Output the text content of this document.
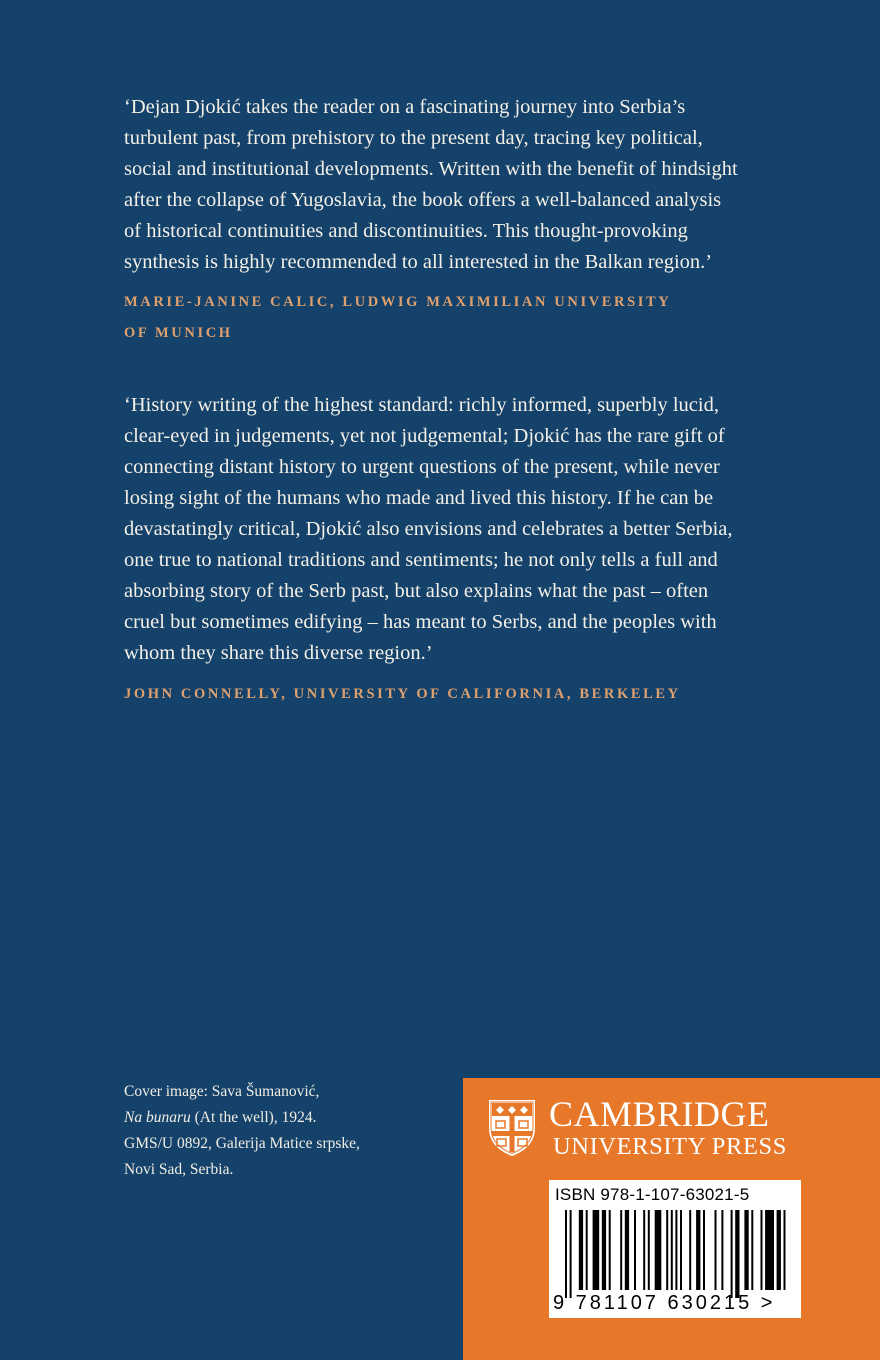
‘Dejan Djokić takes the reader on a fascinating journey into Serbia’s
turbulent past, from prehistory to the present day, tracing key political,
social and institutional developments. Written with the benefit of hindsight
after the collapse of Yugoslavia, the book offers a well-balanced analysis
of historical continuities and discontinuities. This thought-provoking
synthesis is highly recommended to all interested in the Balkan region.’
MARIE-JANINE CALIC, LUDWIG MAXIMILIAN UNIVERSITY
OF MUNICH
‘History writing of the highest standard: richly informed, superbly lucid,
clear-eyed in judgements, yet not judgemental; Djokić has the rare gift of
connecting distant history to urgent questions of the present, while never
losing sight of the humans who made and lived this history. If he can be
devastatingly critical, Djokić also envisions and celebrates a better Serbia,
one true to national traditions and sentiments; he not only tells a full and
absorbing story of the Serb past, but also explains what the past – often
cruel but sometimes edifying – has meant to Serbs, and the peoples with
whom they share this diverse region.’
JOHN CONNELLY, UNIVERSITY OF CALIFORNIA, BERKELEY
Cover image: Sava Šumanović,
Na bunaru (At the well), 1924.
GMS/U 0892, Galerija Matice srpske,
Novi Sad, Serbia.
CAMBRIDGE
UNIVERSITY PRESS
ISBN 978-1-107-63021-5
9 781107 630215 >
